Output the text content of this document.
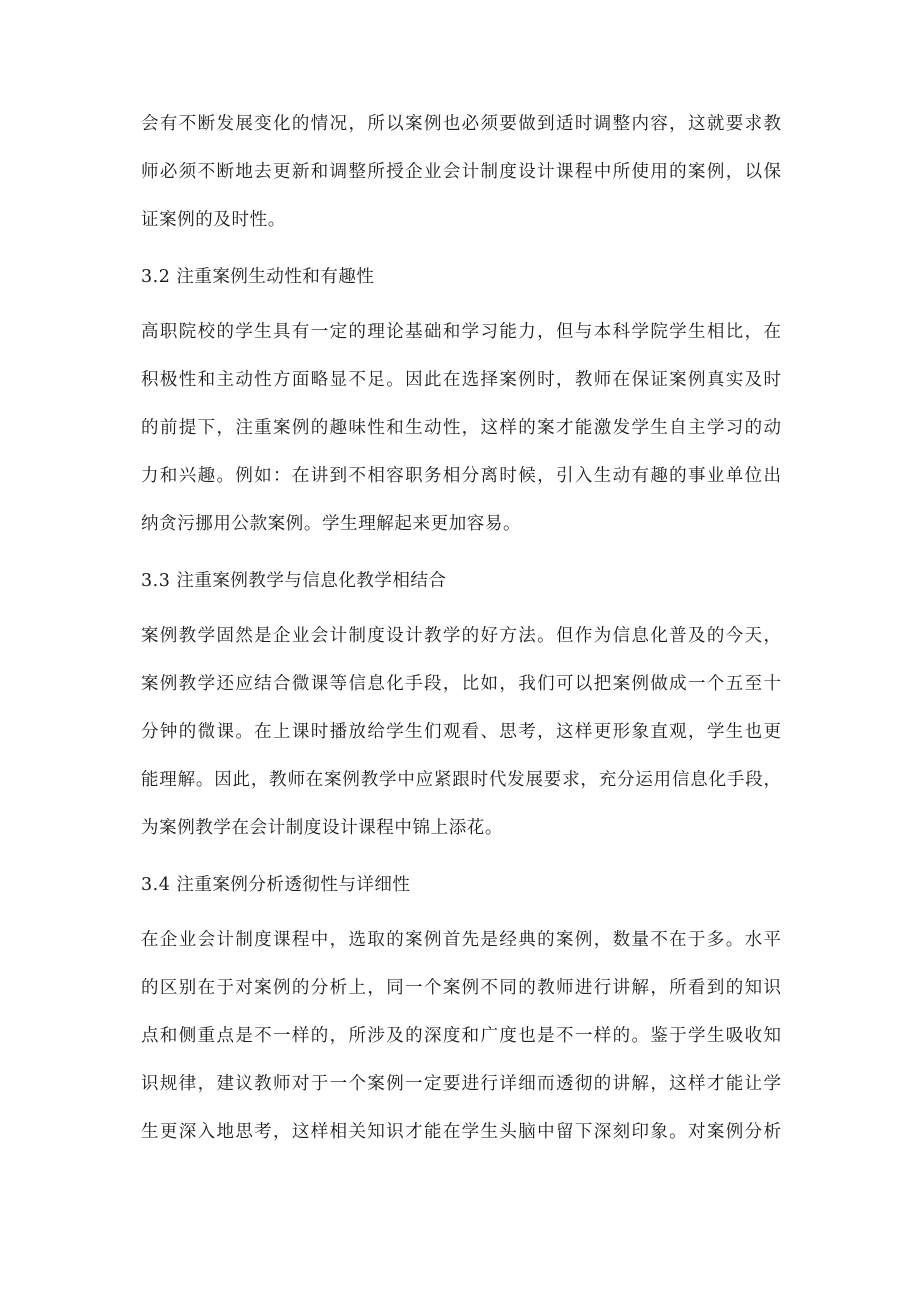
会有不断发展变化的情况，所以案例也必须要做到适时调整内容，这就要求教
师必须不断地去更新和调整所授企业会计制度设计课程中所使用的案例，以保
证案例的及时性。
3.2 注重案例生动性和有趣性
高职院校的学生具有一定的理论基础和学习能力，但与本科学院学生相比，在
积极性和主动性方面略显不足。因此在选择案例时，教师在保证案例真实及时
的前提下，注重案例的趣味性和生动性，这样的案才能激发学生自主学习的动
力和兴趣。例如：在讲到不相容职务相分离时候，引入生动有趣的事业单位出
纳贪污挪用公款案例。学生理解起来更加容易。
3.3 注重案例教学与信息化教学相结合
案例教学固然是企业会计制度设计教学的好方法。但作为信息化普及的今天，
案例教学还应结合微课等信息化手段，比如，我们可以把案例做成一个五至十
分钟的微课。在上课时播放给学生们观看、思考，这样更形象直观，学生也更
能理解。因此，教师在案例教学中应紧跟时代发展要求，充分运用信息化手段，
为案例教学在会计制度设计课程中锦上添花。
3.4 注重案例分析透彻性与详细性
在企业会计制度课程中，选取的案例首先是经典的案例，数量不在于多。水平
的区别在于对案例的分析上，同一个案例不同的教师进行讲解，所看到的知识
点和侧重点是不一样的，所涉及的深度和广度也是不一样的。鉴于学生吸收知
识规律，建议教师对于一个案例一定要进行详细而透彻的讲解，这样才能让学
生更深入地思考，这样相关知识才能在学生头脑中留下深刻印象。对案例分析
